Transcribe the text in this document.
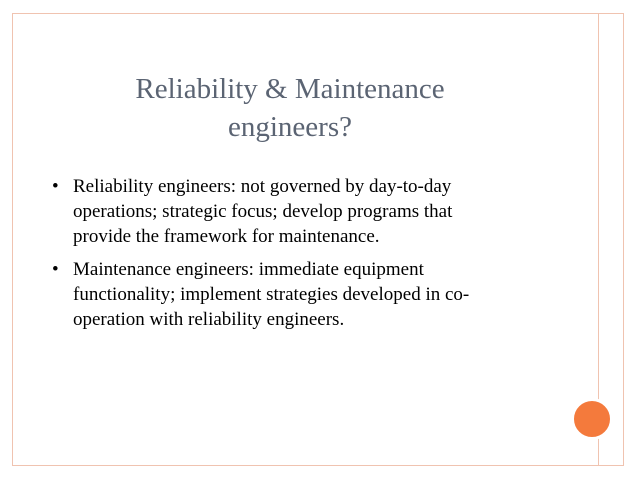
Reliability & Maintenance
engineers?
• Reliability engineers: not governed by day-to-day operations; strategic focus; develop programs that provide the framework for maintenance.
• Maintenance engineers: immediate equipment functionality; implement strategies developed in co-operation with reliability engineers.
